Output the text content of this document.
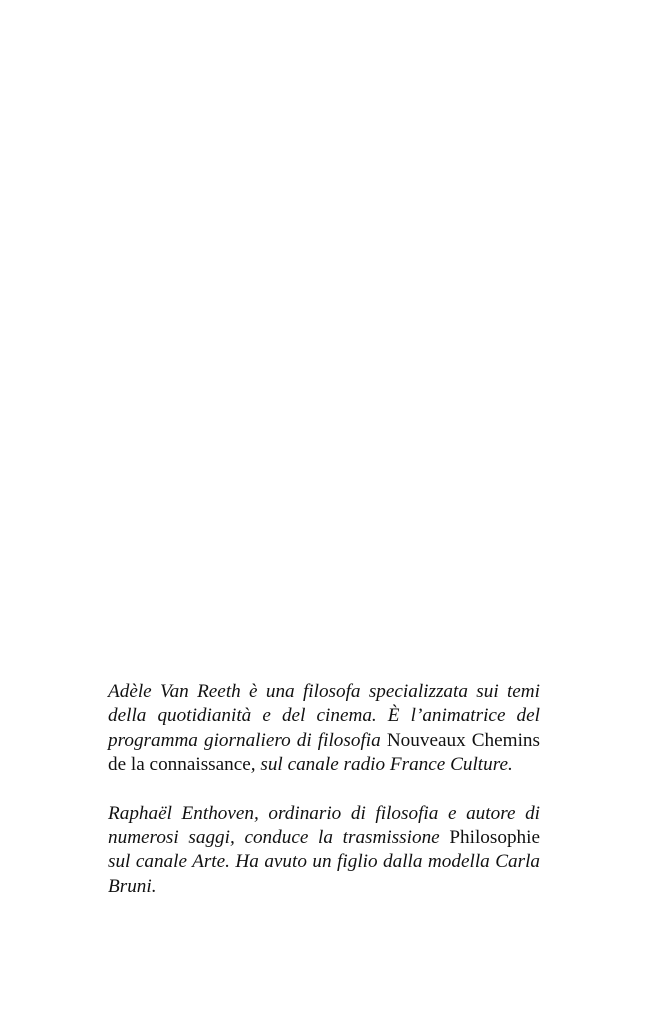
Adèle Van Reeth è una filosofa specializzata sui temi della quotidianità e del cinema. È l’animatrice del programma giornaliero di filosofia Nouveaux Chemins de la connaissance, sul canale radio France Culture.

Raphaël Enthoven, ordinario di filosofia e autore di numerosi saggi, conduce la trasmissione Philosophie sul canale Arte. Ha avuto un figlio dalla modella Carla Bruni.
